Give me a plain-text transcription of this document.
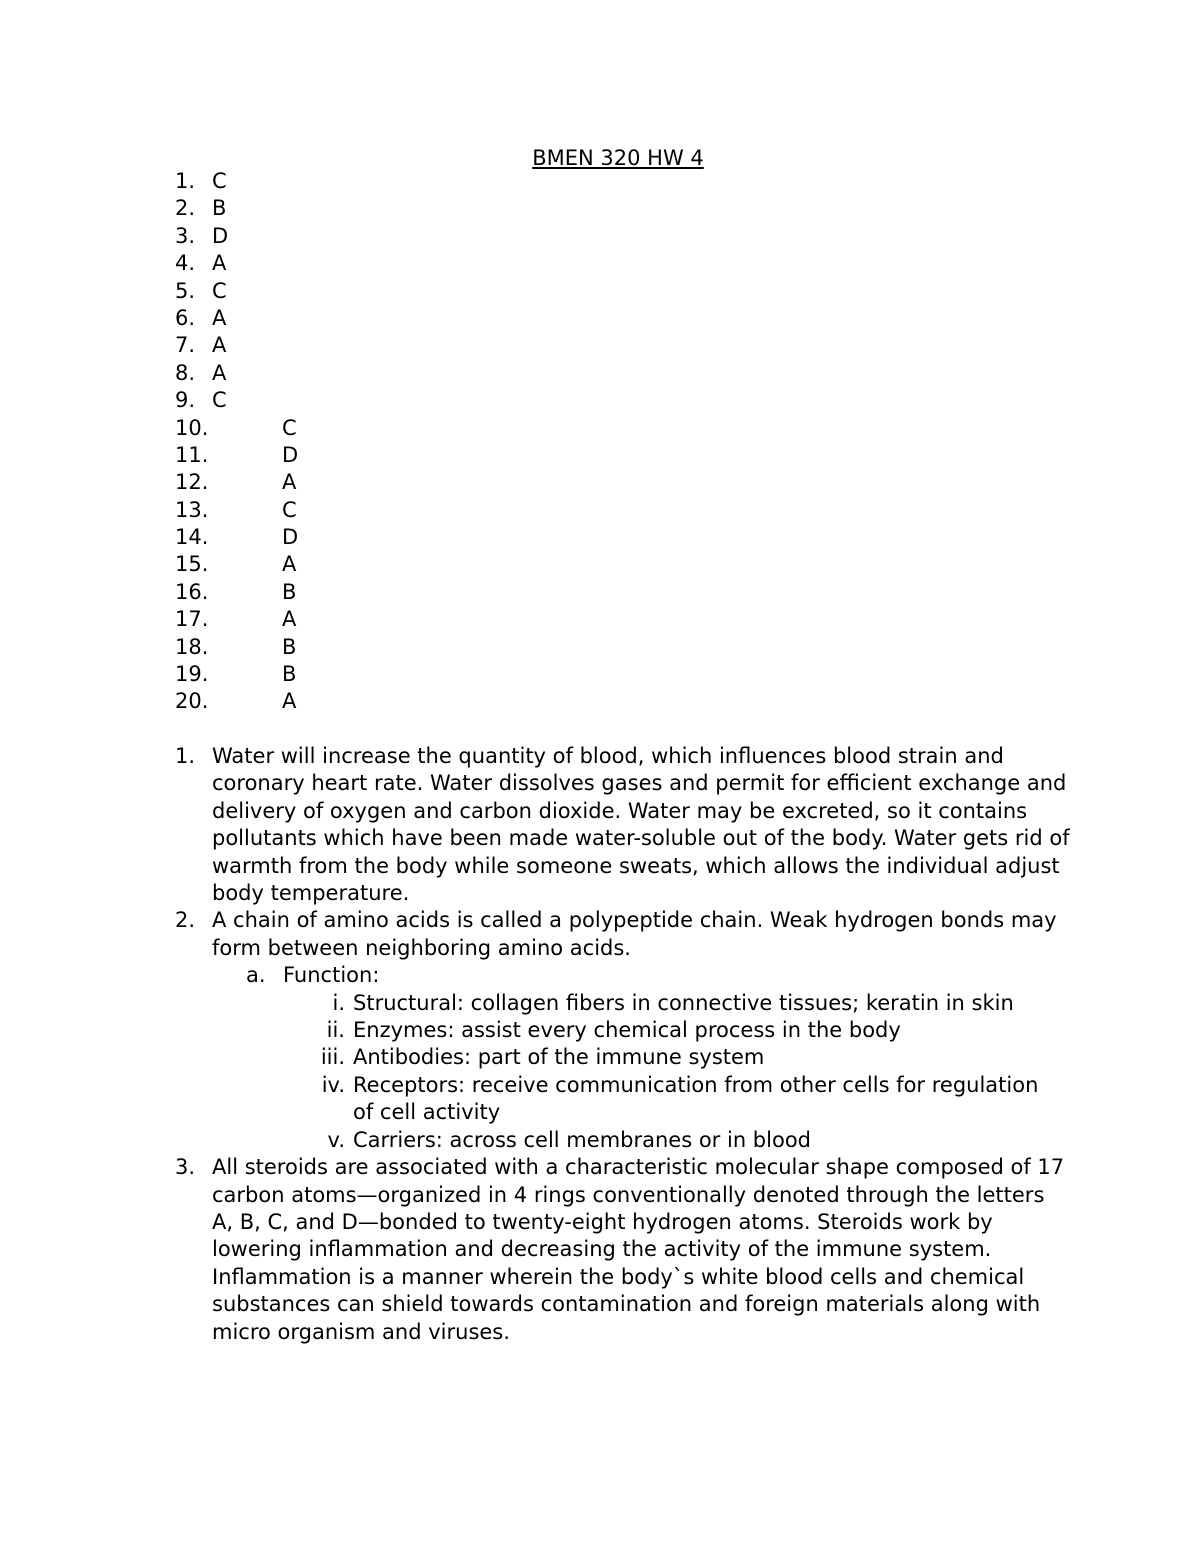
BMEN 320 HW 4
1. C
2. B
3. D
4. A
5. C
6. A
7. A
8. A
9. C
10.	C
11.	D
12.	A
13.	C
14.	D
15.	A
16.	B
17.	A
18.	B
19.	B
20.	A
1. Water will increase the quantity of blood, which influences blood strain and coronary heart rate. Water dissolves gases and permit for efficient exchange and delivery of oxygen and carbon dioxide. Water may be excreted, so it contains pollutants which have been made water-soluble out of the body. Water gets rid of warmth from the body while someone sweats, which allows the individual adjust body temperature.
2. A chain of amino acids is called a polypeptide chain. Weak hydrogen bonds may form between neighboring amino acids.
a. Function:
i. Structural: collagen fibers in connective tissues; keratin in skin
ii. Enzymes: assist every chemical process in the body
iii. Antibodies: part of the immune system
iv. Receptors: receive communication from other cells for regulation of cell activity
v. Carriers: across cell membranes or in blood
3. All steroids are associated with a characteristic molecular shape composed of 17 carbon atoms—organized in 4 rings conventionally denoted through the letters A, B, C, and D—bonded to twenty-eight hydrogen atoms. Steroids work by lowering inflammation and decreasing the activity of the immune system. Inflammation is a manner wherein the body`s white blood cells and chemical substances can shield towards contamination and foreign materials along with micro organism and viruses.
